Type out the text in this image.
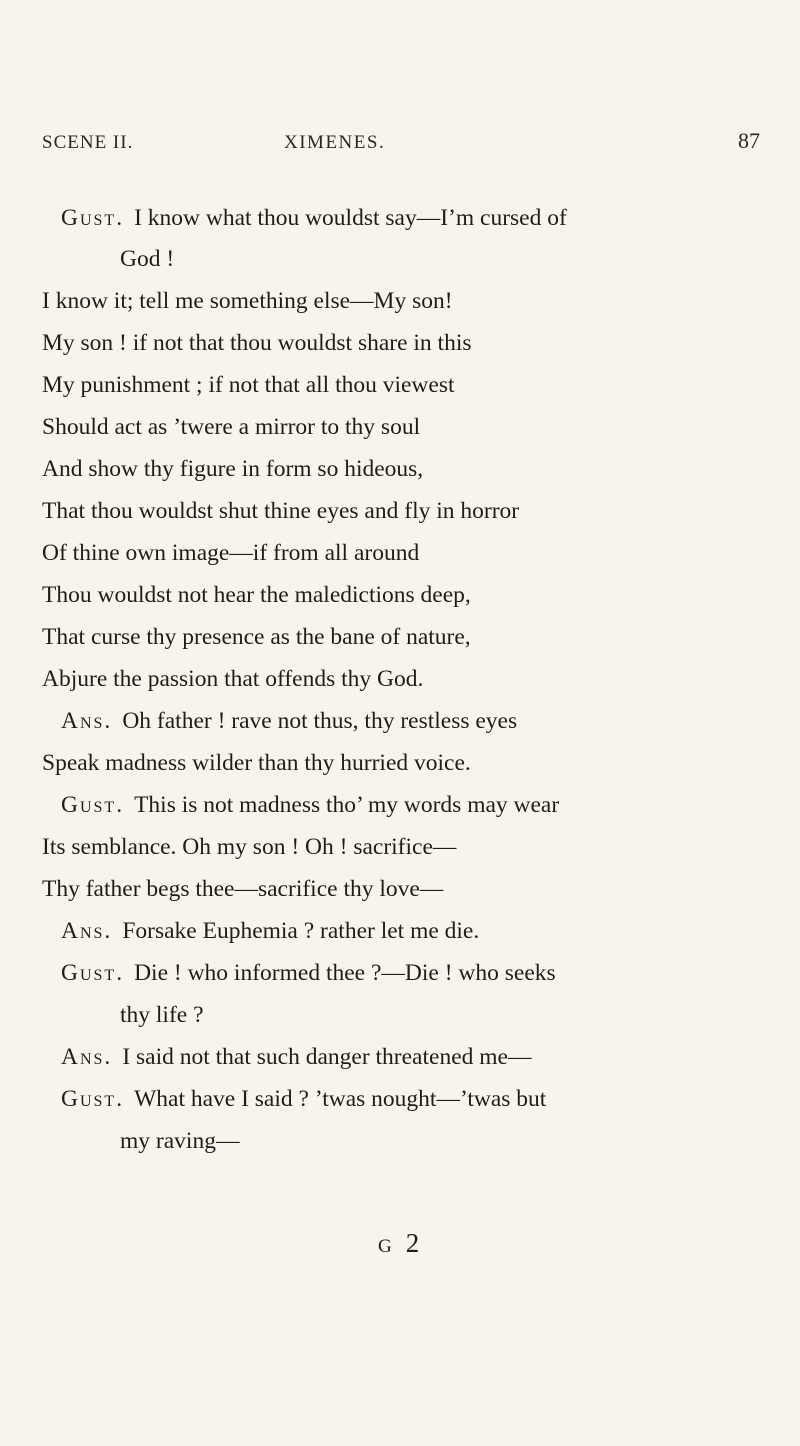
SCENE II.	XIMENES.	87
Gust. I know what thou wouldst say—I’m cursed of
God !
I know it; tell me something else—My son!
My son ! if not that thou wouldst share in this
My punishment ; if not that all thou viewest
Should act as ’twere a mirror to thy soul
And show thy figure in form so hideous,
That thou wouldst shut thine eyes and fly in horror
Of thine own image—if from all around
Thou wouldst not hear the maledictions deep,
That curse thy presence as the bane of nature,
Abjure the passion that offends thy God.
Ans. Oh father ! rave not thus, thy restless eyes
Speak madness wilder than thy hurried voice.
Gust. This is not madness tho’ my words may wear
Its semblance. Oh my son ! Oh ! sacrifice—
Thy father begs thee—sacrifice thy love—
Ans. Forsake Euphemia ? rather let me die.
Gust. Die ! who informed thee ?—Die ! who seeks
thy life ?
Ans. I said not that such danger threatened me—
Gust. What have I said ? ’twas nought—’twas but
my raving—
G 2
